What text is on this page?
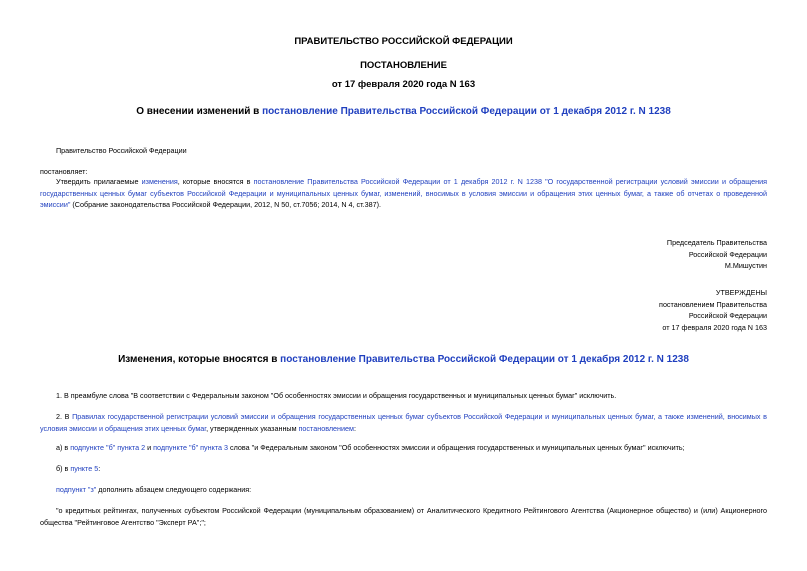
ПРАВИТЕЛЬСТВО РОССИЙСКОЙ ФЕДЕРАЦИИ
ПОСТАНОВЛЕНИЕ
от 17 февраля 2020 года N 163
О внесении изменений в постановление Правительства Российской Федерации от 1 декабря 2012 г. N 1238
Правительство Российской Федерации
постановляет:
Утвердить прилагаемые изменения, которые вносятся в постановление Правительства Российской Федерации от 1 декабря 2012 г. N 1238 "О государственной регистрации условий эмиссии и обращения государственных ценных бумаг субъектов Российской Федерации и муниципальных ценных бумаг, изменений, вносимых в условия эмиссии и обращения этих ценных бумаг, а также об отчетах о проведенной эмиссии" (Собрание законодательства Российской Федерации, 2012, N 50, ст.7056; 2014, N 4, ст.387).
Председатель Правительства
Российской Федерации
М.Мишустин
УТВЕРЖДЕНЫ
постановлением Правительства
Российской Федерации
от 17 февраля 2020 года N 163
Изменения, которые вносятся в постановление Правительства Российской Федерации от 1 декабря 2012 г. N 1238
1. В преамбуле слова "В соответствии с Федеральным законом "Об особенностях эмиссии и обращения государственных и муниципальных ценных бумаг" исключить.
2. В Правилах государственной регистрации условий эмиссии и обращения государственных ценных бумаг субъектов Российской Федерации и муниципальных ценных бумаг, а также изменений, вносимых в условия эмиссии и обращения этих ценных бумаг, утвержденных указанным постановлением:
а) в подпункте "б" пункта 2 и подпункте "б" пункта 3 слова "и Федеральным законом "Об особенностях эмиссии и обращения государственных и муниципальных ценных бумаг" исключить;
б) в пункте 5:
подпункт "з" дополнить абзацем следующего содержания:
"о кредитных рейтингах, полученных субъектом Российской Федерации (муниципальным образованием) от Аналитического Кредитного Рейтингового Агентства (Акционерное общество) и (или) Акционерного общества "Рейтинговое Агентство "Эксперт РА";";
